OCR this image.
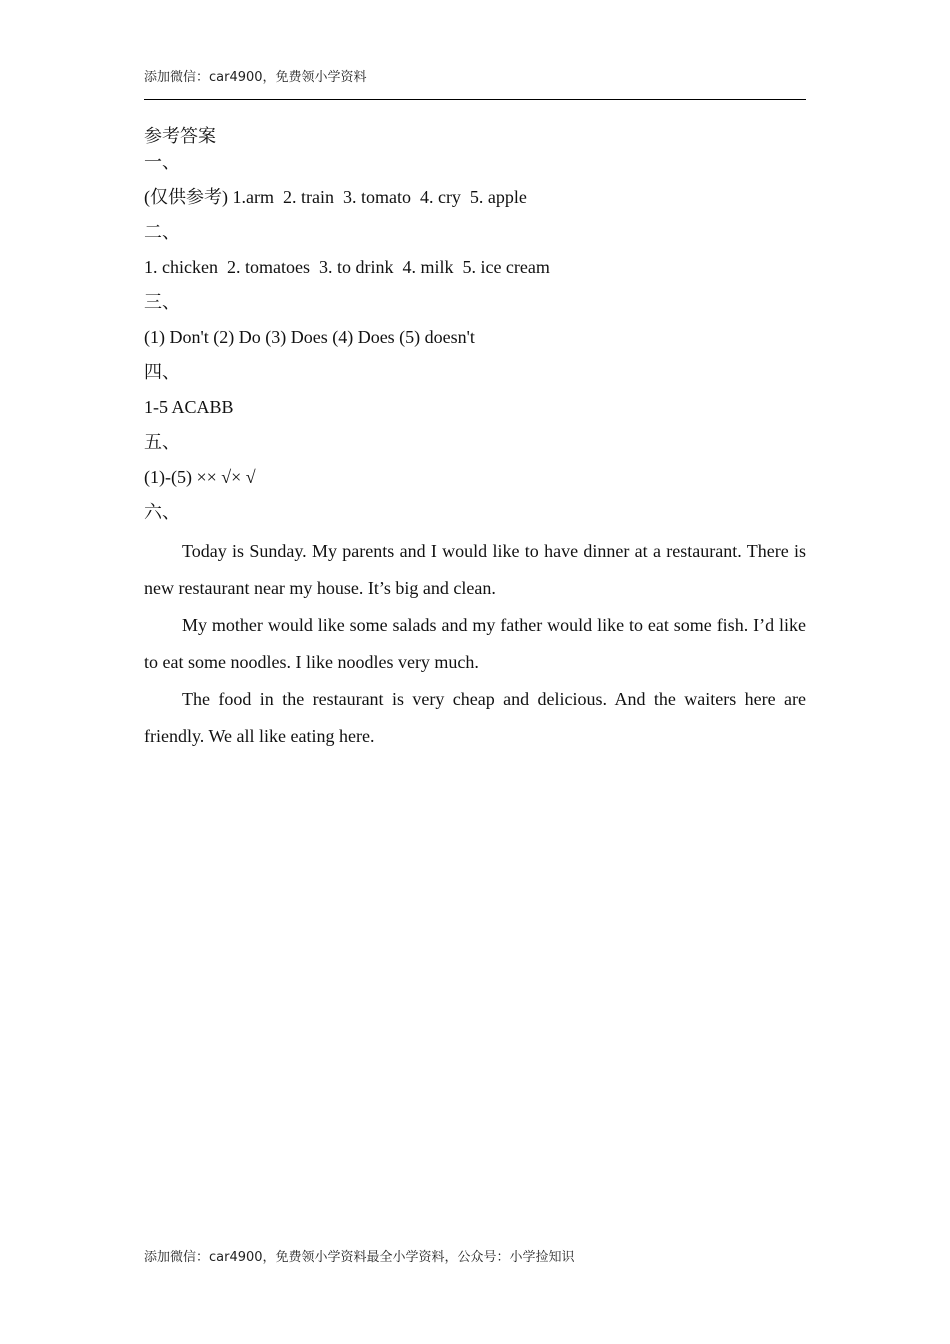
添加微信：car4900，免费领小学资料
参考答案
一、
(仅供参考) 1.arm  2. train  3. tomato  4. cry  5. apple
二、
1. chicken  2. tomatoes  3. to drink  4. milk  5. ice cream
三、
(1) Don't (2) Do (3) Does (4) Does (5) doesn't
四、
1-5 ACABB
五、
(1)-(5) ×× √× √
六、

Today is Sunday. My parents and I would like to have dinner at a restaurant. There is new restaurant near my house. It’s big and clean.

My mother would like some salads and my father would like to eat some fish. I’d like to eat some noodles. I like noodles very much.

The food in the restaurant is very cheap and delicious. And the waiters here are friendly. We all like eating here.

添加微信：car4900，免费领小学资料最全小学资料，公众号：小学捡知识
